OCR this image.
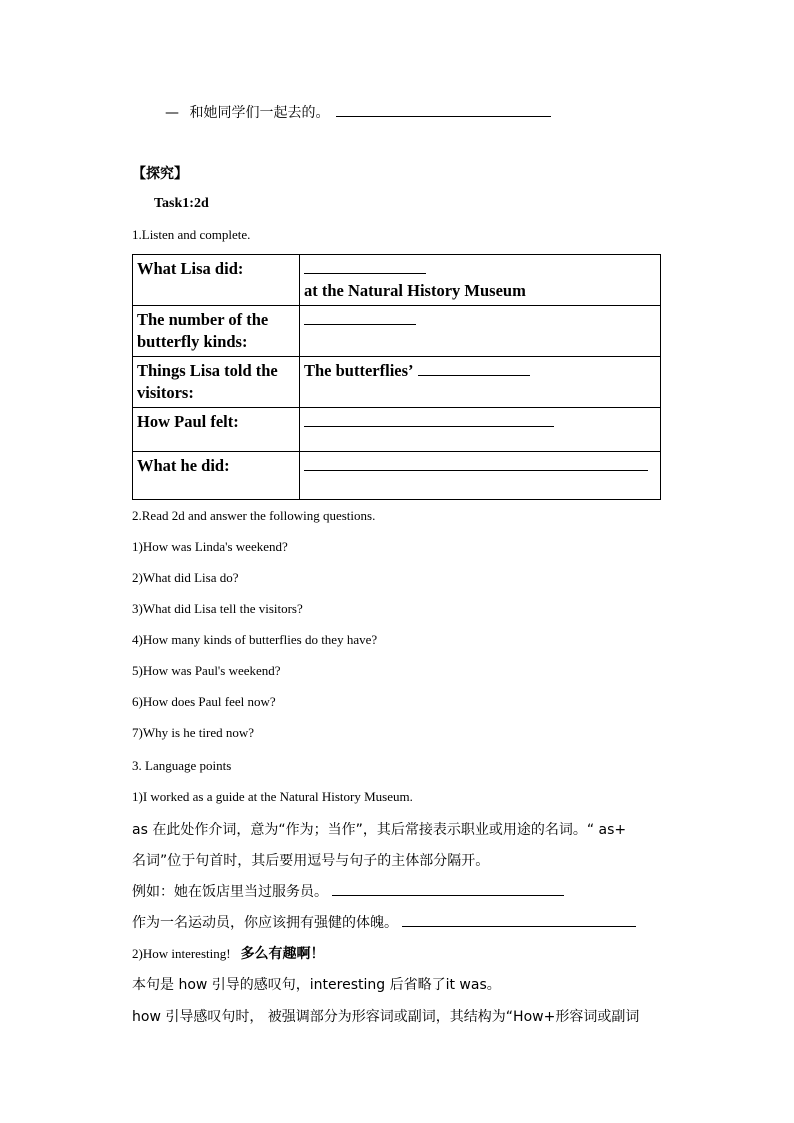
— 和她同学们一起去的。
【探究】
Task1:2d
1.Listen and complete.
What Lisa did:	at the Natural History Museum
The number of the butterfly kinds:	
Things Lisa told the visitors:	The butterflies’
How Paul felt:	
What he did:	
2.Read 2d and answer the following questions.
1)How was Linda's weekend?
2)What did Lisa do?
3)What did Lisa tell the visitors?
4)How many kinds of butterflies do they have?
5)How was Paul's weekend?
6)How does Paul feel now?
7)Why is he tired now?
3. Language points
1)I worked as a guide at the Natural History Museum.
as 在此处作介词，意为“作为；当作”，其后常接表示职业或用途的名词。“ as+
名词”位于句首时，其后要用逗号与句子的主体部分隔开。
例如：她在饭店里当过服务员。
作为一名运动员，你应该拥有强健的体魄。
2)How interesting! 多么有趣啊！
本句是 how 引导的感叹句，interesting 后省略了it was。
how 引导感叹句时， 被强调部分为形容词或副词，其结构为“How+形容词或副词
